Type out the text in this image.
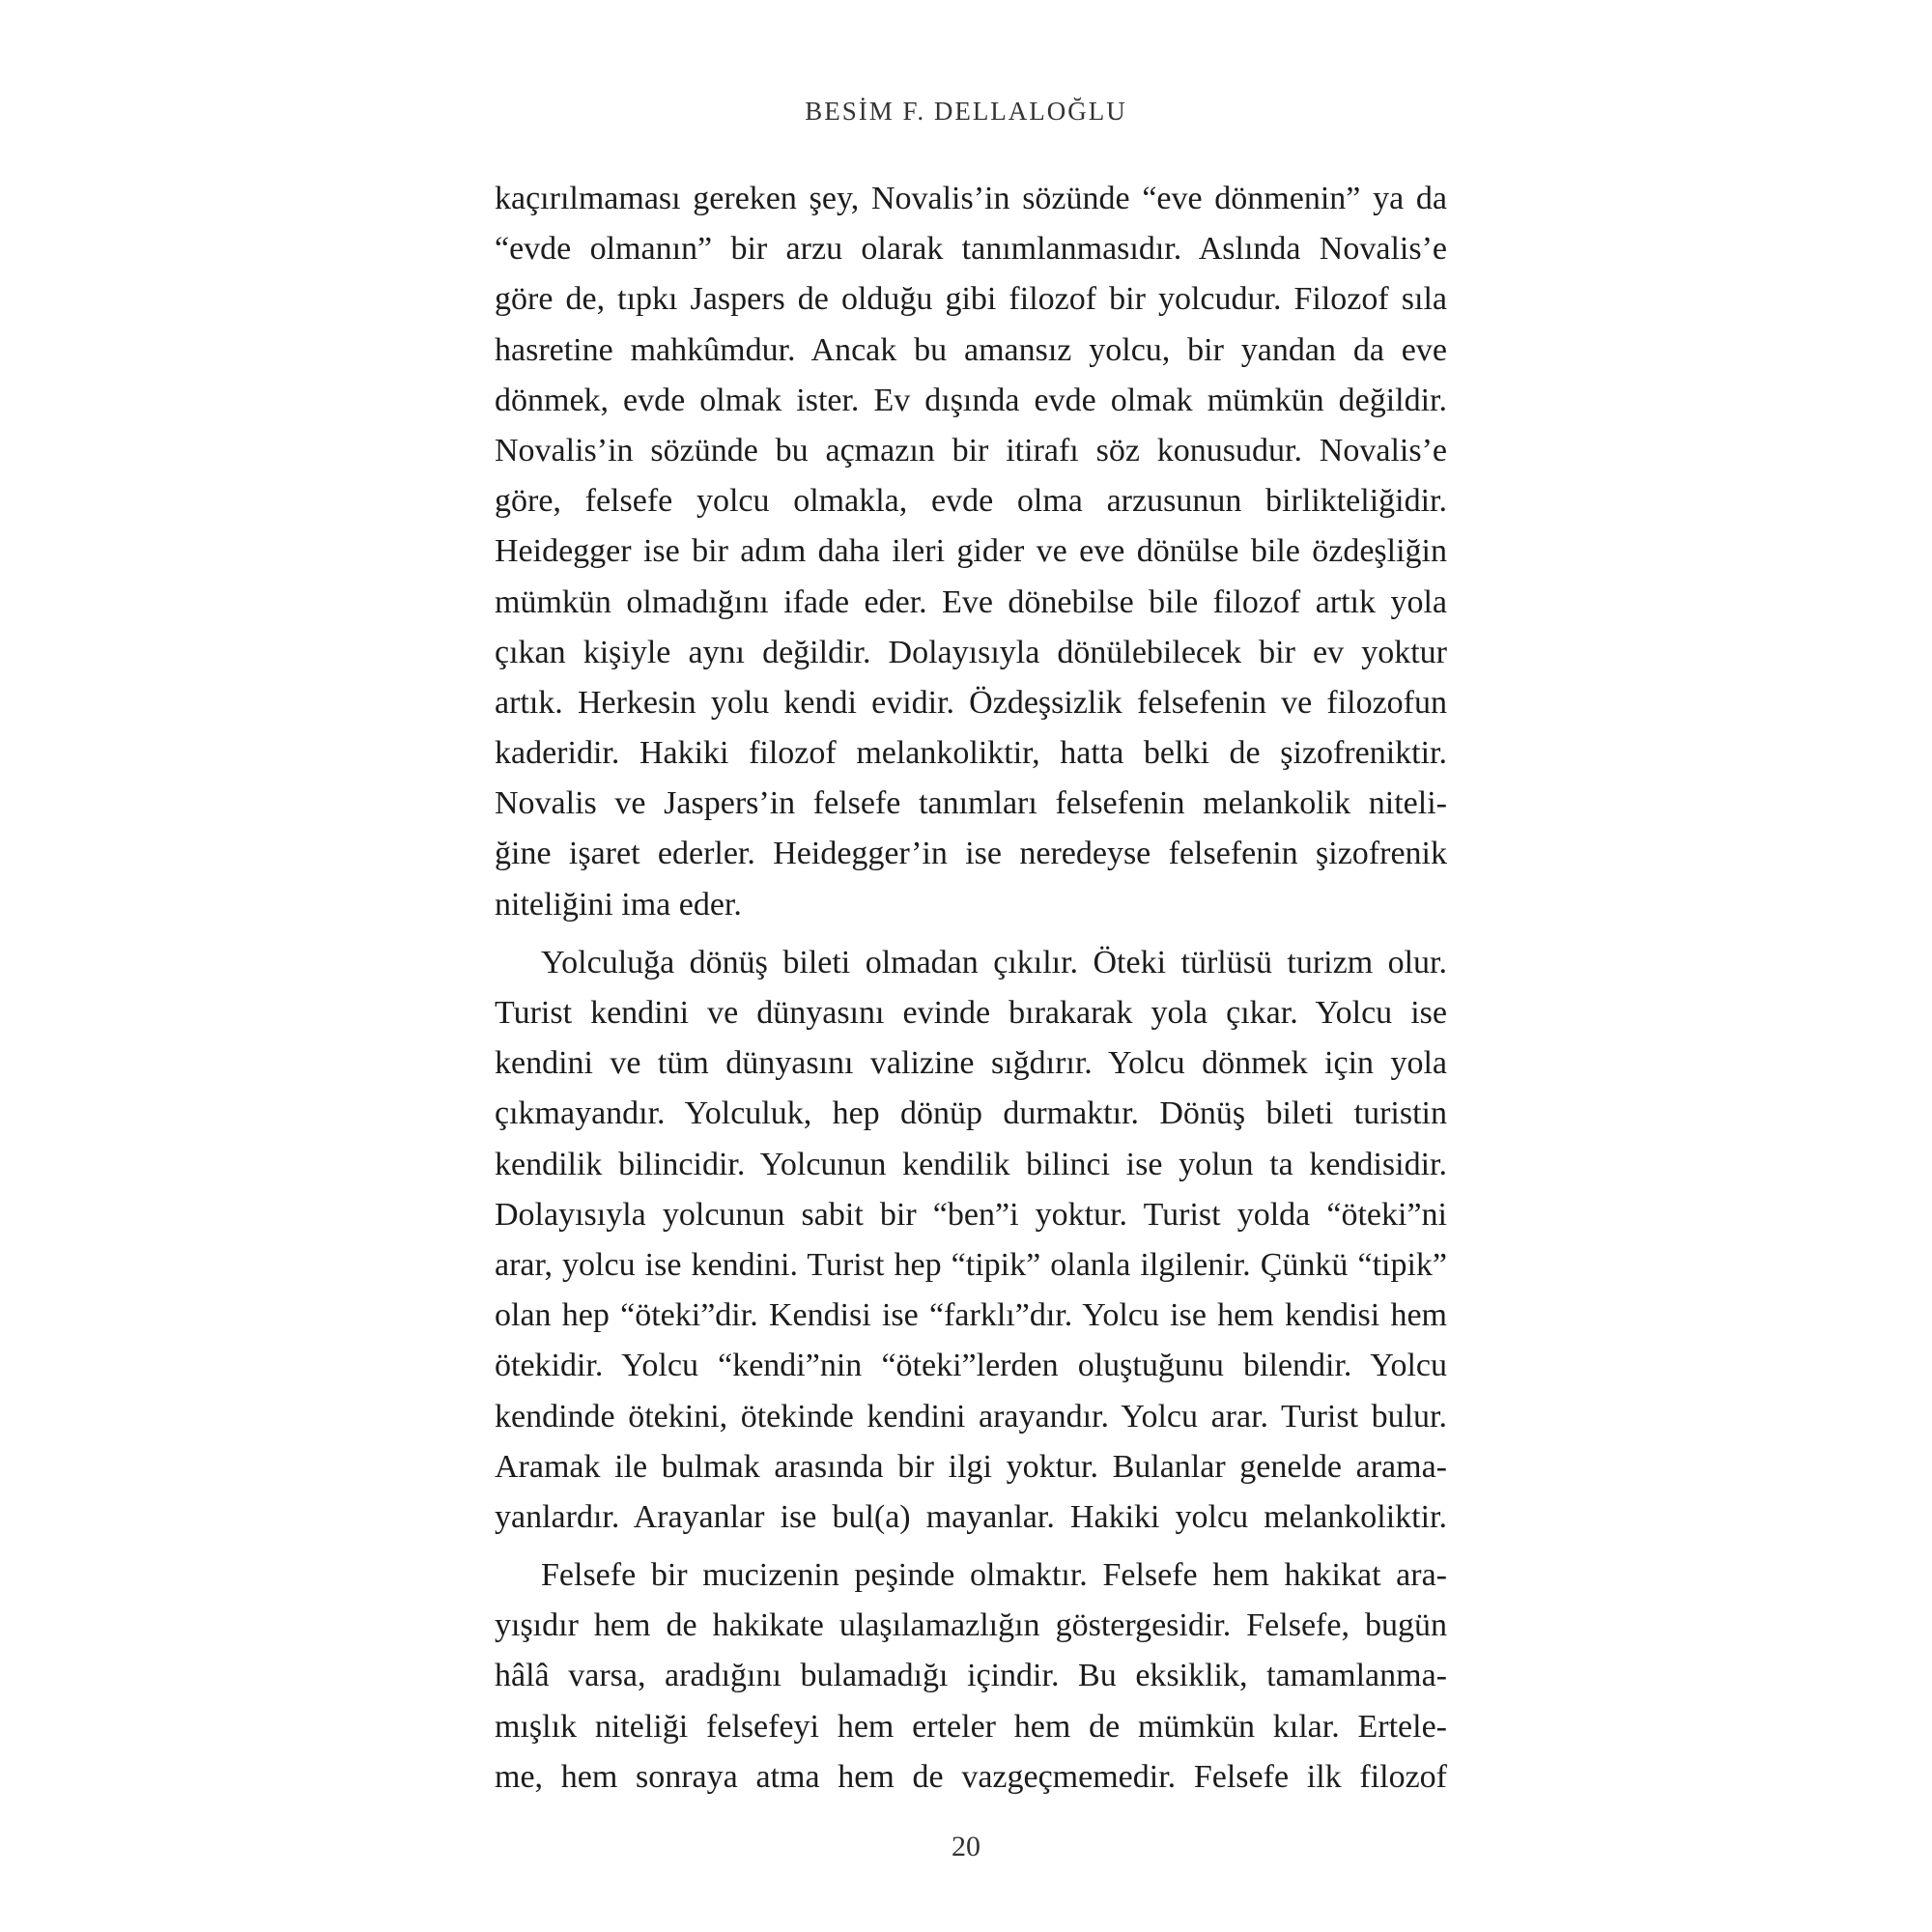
BESİM F. DELLALOĞLU
kaçırılmaması gereken şey, Novalis’in sözünde “eve dönmenin” ya da
“evde olmanın” bir arzu olarak tanımlanmasıdır. Aslında Novalis’e
göre de, tıpkı Jaspers de olduğu gibi filozof bir yolcudur. Filozof sıla
hasretine mahkûmdur. Ancak bu amansız yolcu, bir yandan da eve
dönmek, evde olmak ister. Ev dışında evde olmak mümkün değildir.
Novalis’in sözünde bu açmazın bir itirafı söz konusudur. Novalis’e
göre, felsefe yolcu olmakla, evde olma arzusunun birlikteliğidir.
Heidegger ise bir adım daha ileri gider ve eve dönülse bile özdeşliğin
mümkün olmadığını ifade eder. Eve dönebilse bile filozof artık yola
çıkan kişiyle aynı değildir. Dolayısıyla dönülebilecek bir ev yoktur
artık. Herkesin yolu kendi evidir. Özdeşsizlik felsefenin ve filozofun
kaderidir. Hakiki filozof melankoliktir, hatta belki de şizofreniktir.
Novalis ve Jaspers’in felsefe tanımları felsefenin melankolik niteli-
ğine işaret ederler. Heidegger’in ise neredeyse felsefenin şizofrenik
niteliğini ima eder.
Yolculuğa dönüş bileti olmadan çıkılır. Öteki türlüsü turizm olur.
Turist kendini ve dünyasını evinde bırakarak yola çıkar. Yolcu ise
kendini ve tüm dünyasını valizine sığdırır. Yolcu dönmek için yola
çıkmayandır. Yolculuk, hep dönüp durmaktır. Dönüş bileti turistin
kendilik bilincidir. Yolcunun kendilik bilinci ise yolun ta kendisidir.
Dolayısıyla yolcunun sabit bir “ben”i yoktur. Turist yolda “öteki”ni
arar, yolcu ise kendini. Turist hep “tipik” olanla ilgilenir. Çünkü “tipik”
olan hep “öteki”dir. Kendisi ise “farklı”dır. Yolcu ise hem kendisi hem
ötekidir. Yolcu “kendi”nin “öteki”lerden oluştuğunu bilendir. Yolcu
kendinde ötekini, ötekinde kendini arayandır. Yolcu arar. Turist bulur.
Aramak ile bulmak arasında bir ilgi yoktur. Bulanlar genelde arama-
yanlardır. Arayanlar ise bul(a) mayanlar. Hakiki yolcu melankoliktir.
Felsefe bir mucizenin peşinde olmaktır. Felsefe hem hakikat ara-
yışıdır hem de hakikate ulaşılamazlığın göstergesidir. Felsefe, bugün
hâlâ varsa, aradığını bulamadığı içindir. Bu eksiklik, tamamlanma-
mışlık niteliği felsefeyi hem erteler hem de mümkün kılar. Ertele-
me, hem sonraya atma hem de vazgeçmemedir. Felsefe ilk filozof
20
